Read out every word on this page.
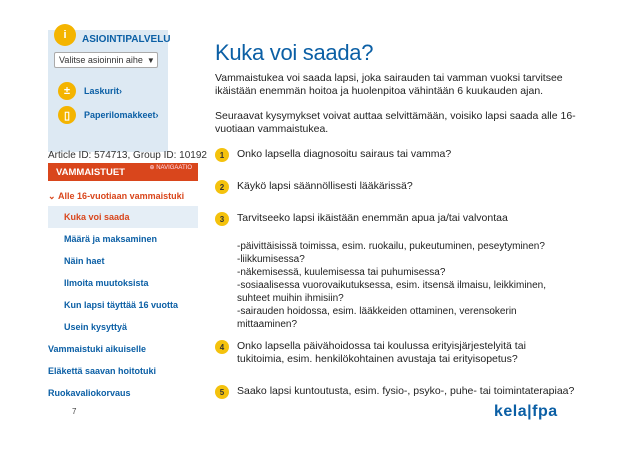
i	ASIOINTIPALVELU
Valitse asioinnin aihe ▼
±	Laskurit ›
▯	Paperilomakkeet ›
Article ID: 574713, Group ID: 10192
VAMMAISTUET	⊕ NAVIGAATIO
⌄ Alle 16-vuotiaan vammaistuki
Kuka voi saada
Määrä ja maksaminen
Näin haet
Ilmoita muutoksista
Kun lapsi täyttää 16 vuotta
Usein kysyttyä
Vammaistuki aikuiselle
Eläkettä saavan hoitotuki
Ruokavaliokorvaus
7
Kuka voi saada?

Vammaistukea voi saada lapsi, joka sairauden tai vamman vuoksi tarvitsee ikäistään enemmän hoitoa ja huolenpitoa vähintään 6 kuukauden ajan.

Seuraavat kysymykset voivat auttaa selvittämään, voisiko lapsi saada alle 16-vuotiaan vammaistukea.

1	Onko lapsella diagnosoitu sairaus tai vamma?
2	Käykö lapsi säännöllisesti lääkärissä?
3	Tarvitseeko lapsi ikäistään enemmän apua ja/tai valvontaa
-päivittäisissä toimissa, esim. ruokailu, pukeutuminen, peseytyminen?
-liikkumisessa?
-näkemisessä, kuulemisessa tai puhumisessa?
-sosiaalisessa vuorovaikutuksessa, esim. itsensä ilmaisu, leikkiminen, suhteet muihin ihmisiin?
-sairauden hoidossa, esim. lääkkeiden ottaminen, verensokerin mittaaminen?
4	Onko lapsella päivähoidossa tai koulussa erityisjärjestelyitä tai tukitoimia, esim. henkilökohtainen avustaja tai erityisopetus?
5	Saako lapsi kuntoutusta, esim. fysio-, psyko-, puhe- tai toimintaterapiaa?
kela|fpa
